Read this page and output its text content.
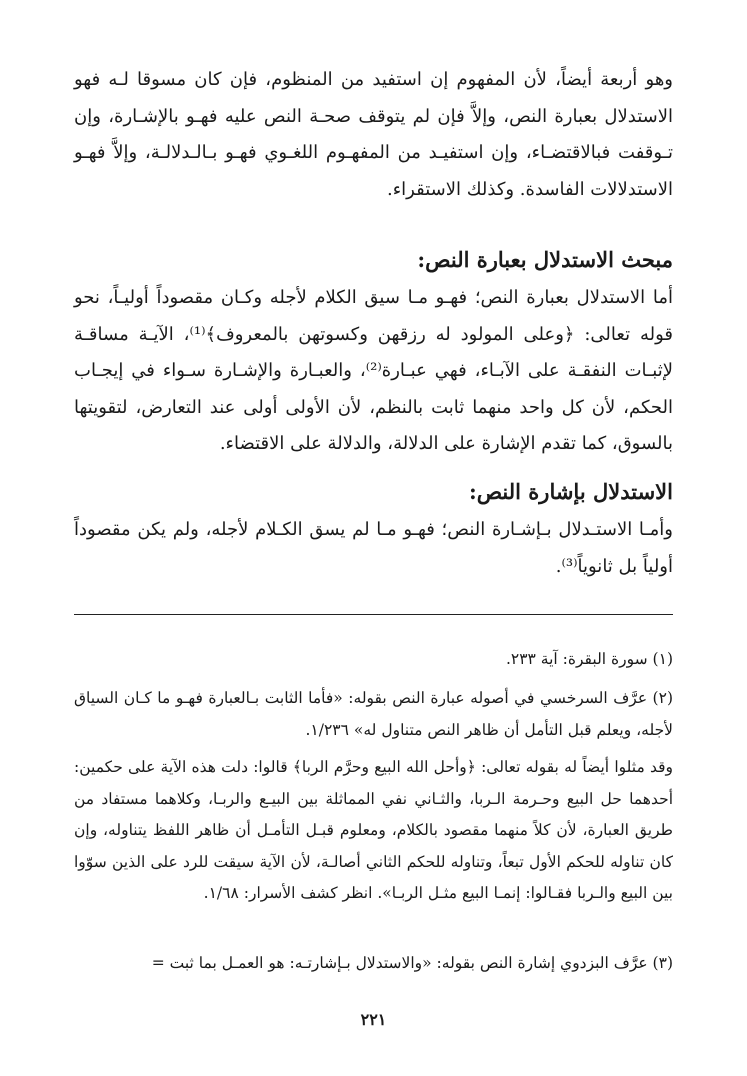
وهو أربعة أيضاً، لأن المفهوم إن استفيد من المنظوم، فإن كان مسوقا لـه فهو الاستدلال بعبارة النص، وإلاَّ فإن لم يتوقف صحـة النص عليه فهـو بالإشـارة، وإن تـوقفت فبالاقتضـاء، وإن استفيـد من المفهـوم اللغـوي فهـو بـالـدلالـة، وإلاَّ فهـو الاستدلالات الفاسدة. وكذلك الاستقراء.

مبحث الاستدلال بعبارة النص:

أما الاستدلال بعبارة النص؛ فهـو مـا سيق الكلام لأجله وكـان مقصوداً أوليـاً، نحو قوله تعالى: ﴿وعلى المولود له رزقهن وكسوتهن بالمعروف﴾⁽¹⁾، الآيـة مساقـة لإثبـات النفقـة على الآبـاء، فهي عبـارة⁽²⁾، والعبـارة والإشـارة سـواء في إيجـاب الحكم، لأن كل واحد منهما ثابت بالنظم، لأن الأولى أولى عند التعارض، لتقويتها بالسوق، كما تقدم الإشارة على الدلالة، والدلالة على الاقتضاء.

الاستدلال بإشارة النص:

وأمـا الاستـدلال بـإشـارة النص؛ فهـو مـا لم يسق الكـلام لأجله، ولم يكن مقصوداً أولياً بل ثانوياً⁽³⁾.

(١) سورة البقرة: آية ٢٣٣.

(٢) عرَّف السرخسي في أصوله عبارة النص بقوله: «فأما الثابت بـالعبارة فهـو ما كـان السياق لأجله، ويعلم قبل التأمل أن ظاهر النص متناول له» ١/٢٣٦.

وقد مثلوا أيضاً له بقوله تعالى: ﴿وأحل الله البيع وحرَّم الربا﴾ قالوا: دلت هذه الآية على حكمين: أحدهما حل البيع وحـرمة الـربا، والثـاني نفي المماثلة بين البيـع والربـا، وكلاهما مستفاد من طريق العبارة، لأن كلاً منهما مقصود بالكلام، ومعلوم قبـل التأمـل أن ظاهر اللفظ يتناوله، وإن كان تناوله للحكم الأول تبعاً، وتناوله للحكم الثاني أصالـة، لأن الآية سيقت للرد على الذين سوّوا بين البيع والـربا فقـالوا: إنمـا البيع مثـل الربـا». انظر كشف الأسرار: ١/٦٨.

(٣) عرَّف البزدوي إشارة النص بقوله: «والاستدلال بـإشارتـه: هو العمـل بما ثبت =

٢٢١
